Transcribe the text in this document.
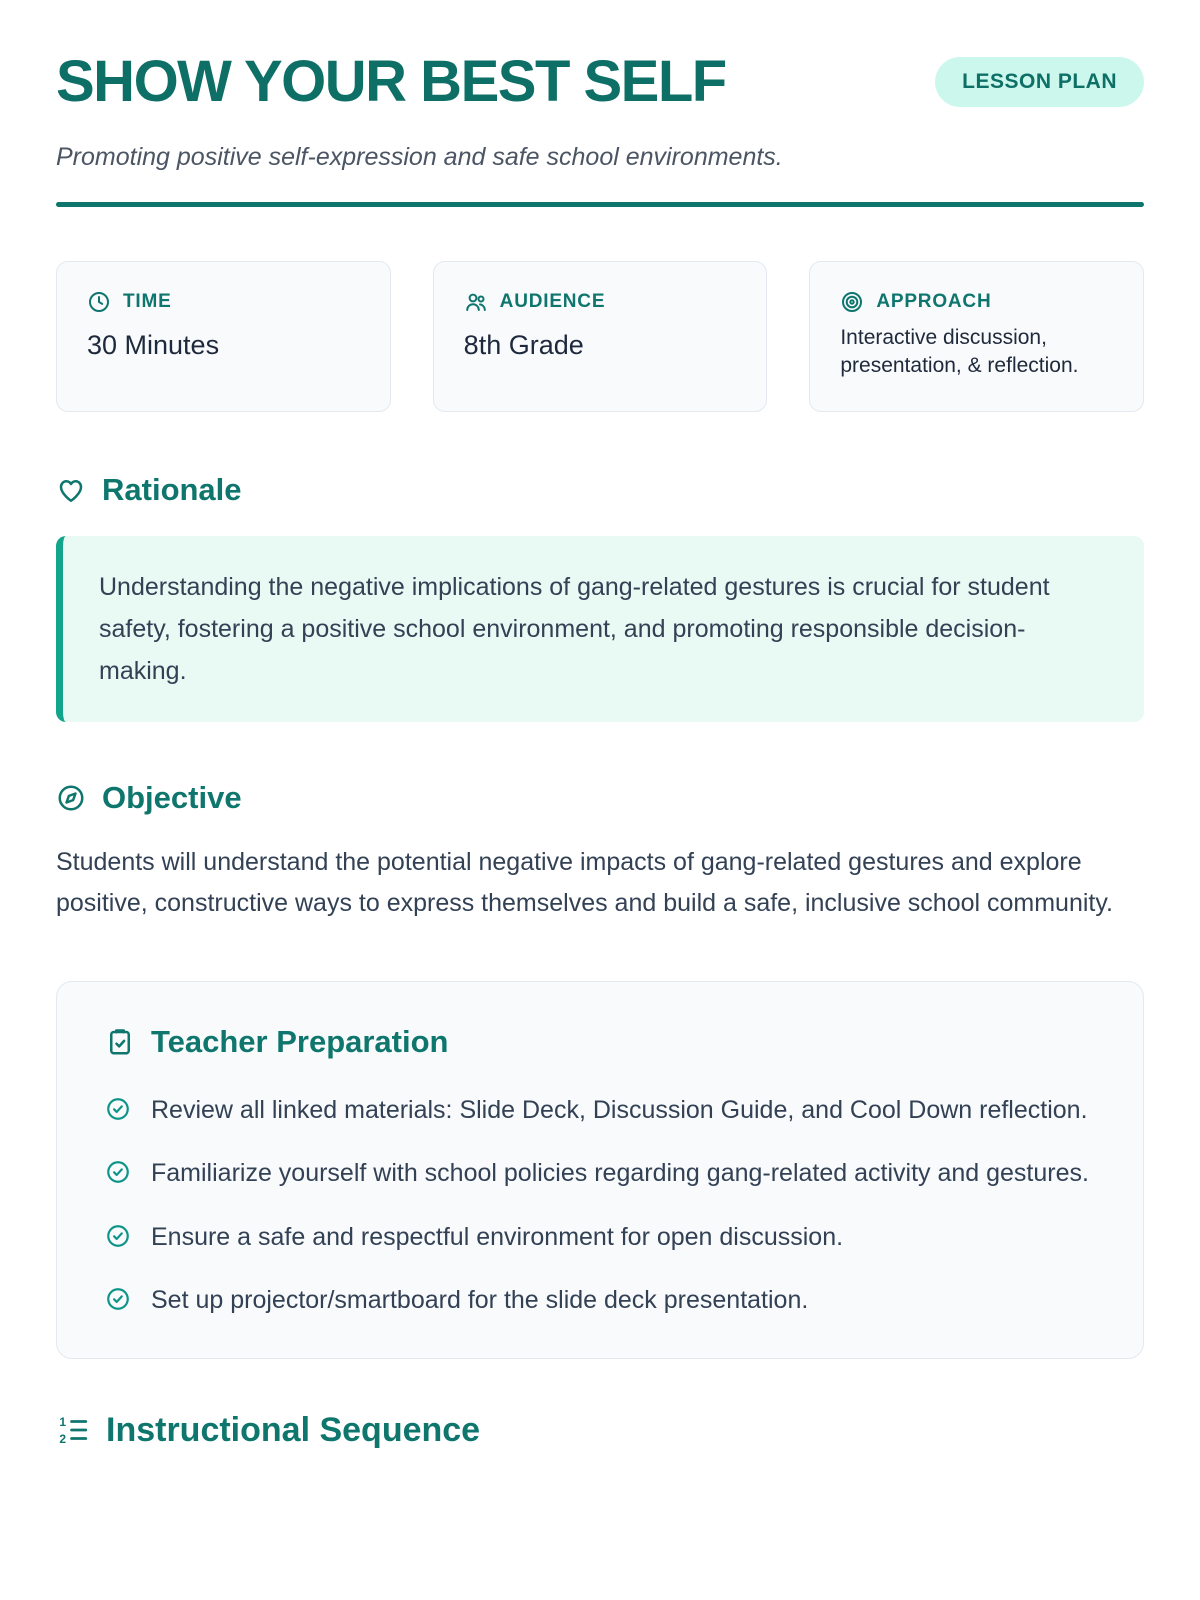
SHOW YOUR BEST SELF	LESSON PLAN

Promoting positive self-expression and safe school environments.

TIME
30 Minutes
AUDIENCE
8th Grade
APPROACH
Interactive discussion, presentation, & reflection.
Rationale
Understanding the negative implications of gang-related gestures is crucial for student safety, fostering a positive school environment, and promoting responsible decision-making.
Objective

Students will understand the potential negative impacts of gang-related gestures and explore positive, constructive ways to express themselves and build a safe, inclusive school community.

Teacher Preparation
Review all linked materials: Slide Deck, Discussion Guide, and Cool Down reflection.
Familiarize yourself with school policies regarding gang-related activity and gestures.
Ensure a safe and respectful environment for open discussion.
Set up projector/smartboard for the slide deck presentation.
1
2 Instructional Sequence
